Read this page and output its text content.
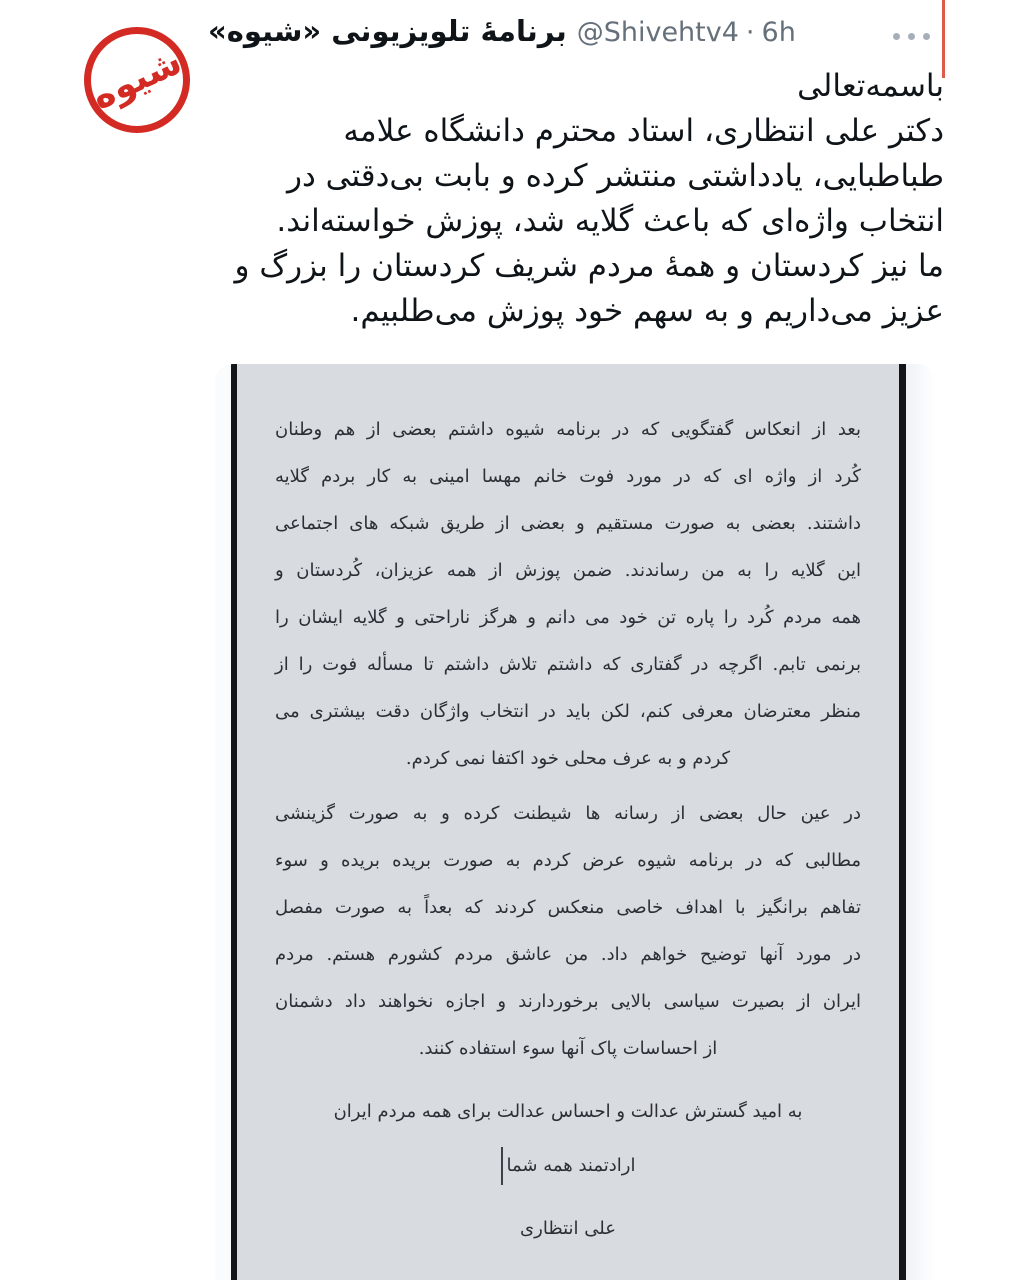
شیوه
برنامۀ تلویزیونی «شیوه» @Shivehtv4 · 6h
باسمه‌تعالی
دکتر علی انتظاری، استاد محترم دانشگاه علامه
طباطبایی، یادداشتی منتشر کرده و بابت بی‌دقتی در
انتخاب واژه‌ای که باعث گلایه شد، پوزش خواسته‌اند.
ما نیز کردستان و همۀ مردم شریف کردستان را بزرگ و
عزیز می‌داریم و به سهم خود پوزش می‌طلبیم.
بعد از انعکاس گفتگویی که در برنامه شیوه داشتم بعضی از هم وطنان
کُرد از واژه ای که در مورد فوت خانم مهسا امینی به کار بردم گلایه
داشتند. بعضی به صورت مستقیم و بعضی از طریق شبکه های اجتماعی
این گلایه را به من رساندند. ضمن پوزش از همه عزیزان، کُردستان و
همه مردم کُرد را پاره تن خود می دانم و هرگز ناراحتی و گلایه ایشان را
برنمی تابم. اگرچه در گفتاری که داشتم تلاش داشتم تا مسأله فوت را از
منظر معترضان معرفی کنم، لکن باید در انتخاب واژگان دقت بیشتری می
کردم و به عرف محلی خود اکتفا نمی کردم.
در عین حال بعضی از رسانه ها شیطنت کرده و به صورت گزینشی
مطالبی که در برنامه شیوه عرض کردم به صورت بریده بریده و سوء
تفاهم برانگیز با اهداف خاصی منعکس کردند که بعداً به صورت مفصل
در مورد آنها توضیح خواهم داد. من عاشق مردم کشورم هستم. مردم
ایران از بصیرت سیاسی بالایی برخوردارند و اجازه نخواهند داد دشمنان
از احساسات پاک آنها سوء استفاده کنند.
به امید گسترش عدالت و احساس عدالت برای همه مردم ایران
ارادتمند همه شما
علی انتظاری
